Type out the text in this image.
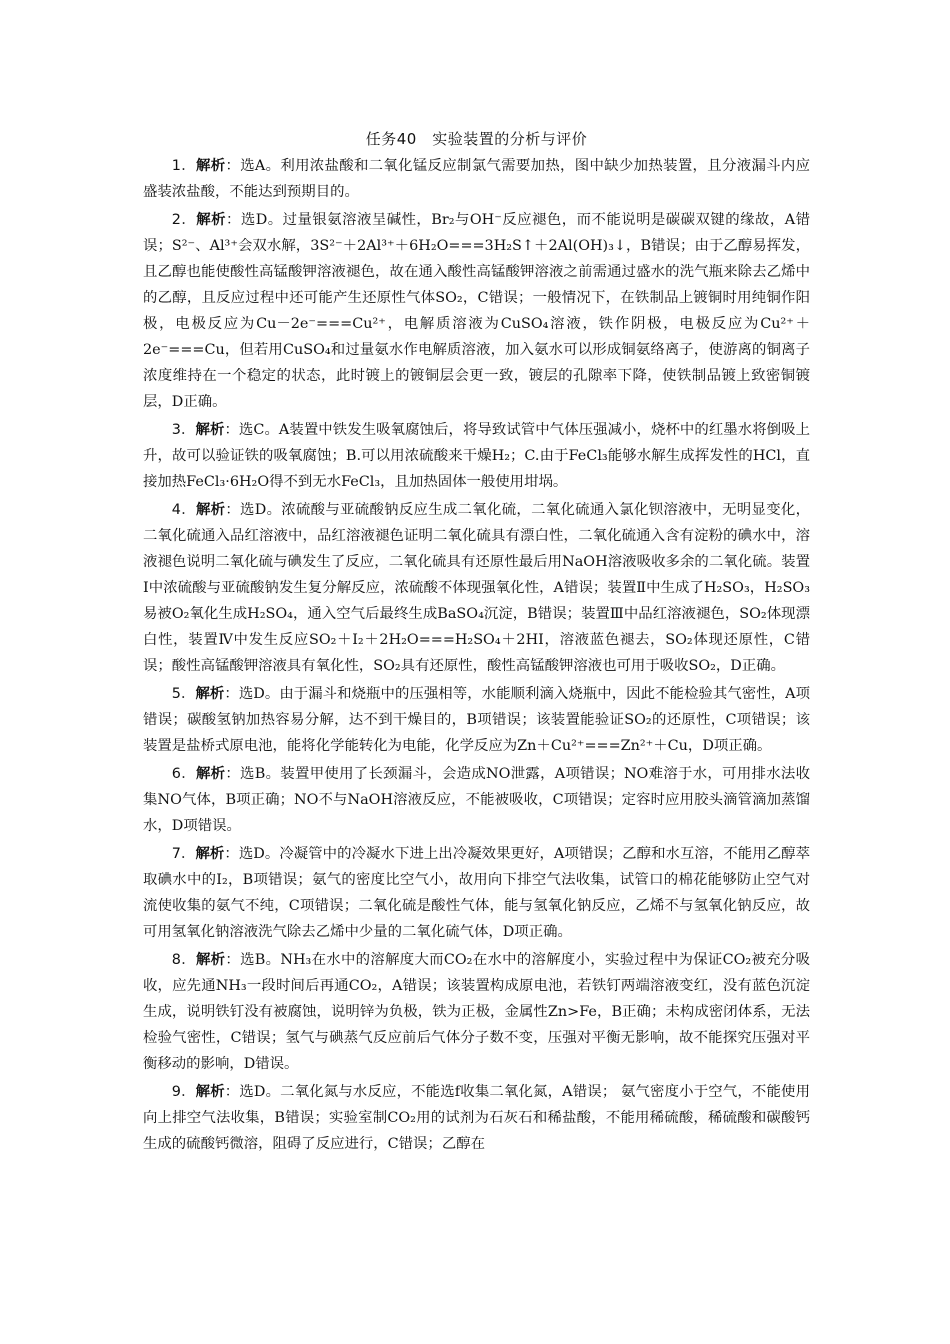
任务40　实验装置的分析与评价

1．解析：选A。利用浓盐酸和二氧化锰反应制氯气需要加热，图中缺少加热装置，且分液漏斗内应盛装浓盐酸，不能达到预期目的。

2．解析：选D。过量银氨溶液呈碱性，Br₂与OH⁻反应褪色，而不能说明是碳碳双键的缘故，A错误；S²⁻、Al³⁺会双水解，3S²⁻＋2Al³⁺＋6H₂O===3H₂S↑＋2Al(OH)₃↓，B错误；由于乙醇易挥发，且乙醇也能使酸性高锰酸钾溶液褪色，故在通入酸性高锰酸钾溶液之前需通过盛水的洗气瓶来除去乙烯中的乙醇，且反应过程中还可能产生还原性气体SO₂，C错误；一般情况下，在铁制品上镀铜时用纯铜作阳极，电极反应为Cu－2e⁻===Cu²⁺，电解质溶液为CuSO₄溶液，铁作阴极，电极反应为Cu²⁺＋2e⁻===Cu，但若用CuSO₄和过量氨水作电解质溶液，加入氨水可以形成铜氨络离子，使游离的铜离子浓度维持在一个稳定的状态，此时镀上的镀铜层会更一致，镀层的孔隙率下降，使铁制品镀上致密铜镀层，D正确。

3．解析：选C。A装置中铁发生吸氧腐蚀后，将导致试管中气体压强减小，烧杯中的红墨水将倒吸上升，故可以验证铁的吸氧腐蚀；B.可以用浓硫酸来干燥H₂；C.由于FeCl₃能够水解生成挥发性的HCl，直接加热FeCl₃·6H₂O得不到无水FeCl₃，且加热固体一般使用坩埚。

4．解析：选D。浓硫酸与亚硫酸钠反应生成二氧化硫，二氧化硫通入氯化钡溶液中，无明显变化，二氧化硫通入品红溶液中，品红溶液褪色证明二氧化硫具有漂白性，二氧化硫通入含有淀粉的碘水中，溶液褪色说明二氧化硫与碘发生了反应，二氧化硫具有还原性最后用NaOH溶液吸收多余的二氧化硫。装置Ⅰ中浓硫酸与亚硫酸钠发生复分解反应，浓硫酸不体现强氧化性，A错误；装置Ⅱ中生成了H₂SO₃，H₂SO₃易被O₂氧化生成H₂SO₄，通入空气后最终生成BaSO₄沉淀，B错误；装置Ⅲ中品红溶液褪色，SO₂体现漂白性，装置Ⅳ中发生反应SO₂＋I₂＋2H₂O===H₂SO₄＋2HI，溶液蓝色褪去，SO₂体现还原性，C错误；酸性高锰酸钾溶液具有氧化性，SO₂具有还原性，酸性高锰酸钾溶液也可用于吸收SO₂，D正确。

5．解析：选D。由于漏斗和烧瓶中的压强相等，水能顺利滴入烧瓶中，因此不能检验其气密性，A项错误；碳酸氢钠加热容易分解，达不到干燥目的，B项错误；该装置能验证SO₂的还原性，C项错误；该装置是盐桥式原电池，能将化学能转化为电能，化学反应为Zn＋Cu²⁺===Zn²⁺＋Cu，D项正确。

6．解析：选B。装置甲使用了长颈漏斗，会造成NO泄露，A项错误；NO难溶于水，可用排水法收集NO气体，B项正确；NO不与NaOH溶液反应，不能被吸收，C项错误；定容时应用胶头滴管滴加蒸馏水，D项错误。

7．解析：选D。冷凝管中的冷凝水下进上出冷凝效果更好，A项错误；乙醇和水互溶，不能用乙醇萃取碘水中的I₂，B项错误；氨气的密度比空气小，故用向下排空气法收集，试管口的棉花能够防止空气对流使收集的氨气不纯，C项错误；二氧化硫是酸性气体，能与氢氧化钠反应，乙烯不与氢氧化钠反应，故可用氢氧化钠溶液洗气除去乙烯中少量的二氧化硫气体，D项正确。

8．解析：选B。NH₃在水中的溶解度大而CO₂在水中的溶解度小，实验过程中为保证CO₂被充分吸收，应先通NH₃一段时间后再通CO₂，A错误；该装置构成原电池，若铁钉两端溶液变红，没有蓝色沉淀生成，说明铁钉没有被腐蚀，说明锌为负极，铁为正极，金属性Zn>Fe，B正确；未构成密闭体系，无法检验气密性，C错误；氢气与碘蒸气反应前后气体分子数不变，压强对平衡无影响，故不能探究压强对平衡移动的影响，D错误。

9．解析：选D。二氧化氮与水反应，不能选f收集二氧化氮，A错误； 氨气密度小于空气，不能使用向上排空气法收集，B错误；实验室制CO₂用的试剂为石灰石和稀盐酸，不能用稀硫酸，稀硫酸和碳酸钙生成的硫酸钙微溶，阻碍了反应进行，C错误；乙醇在
